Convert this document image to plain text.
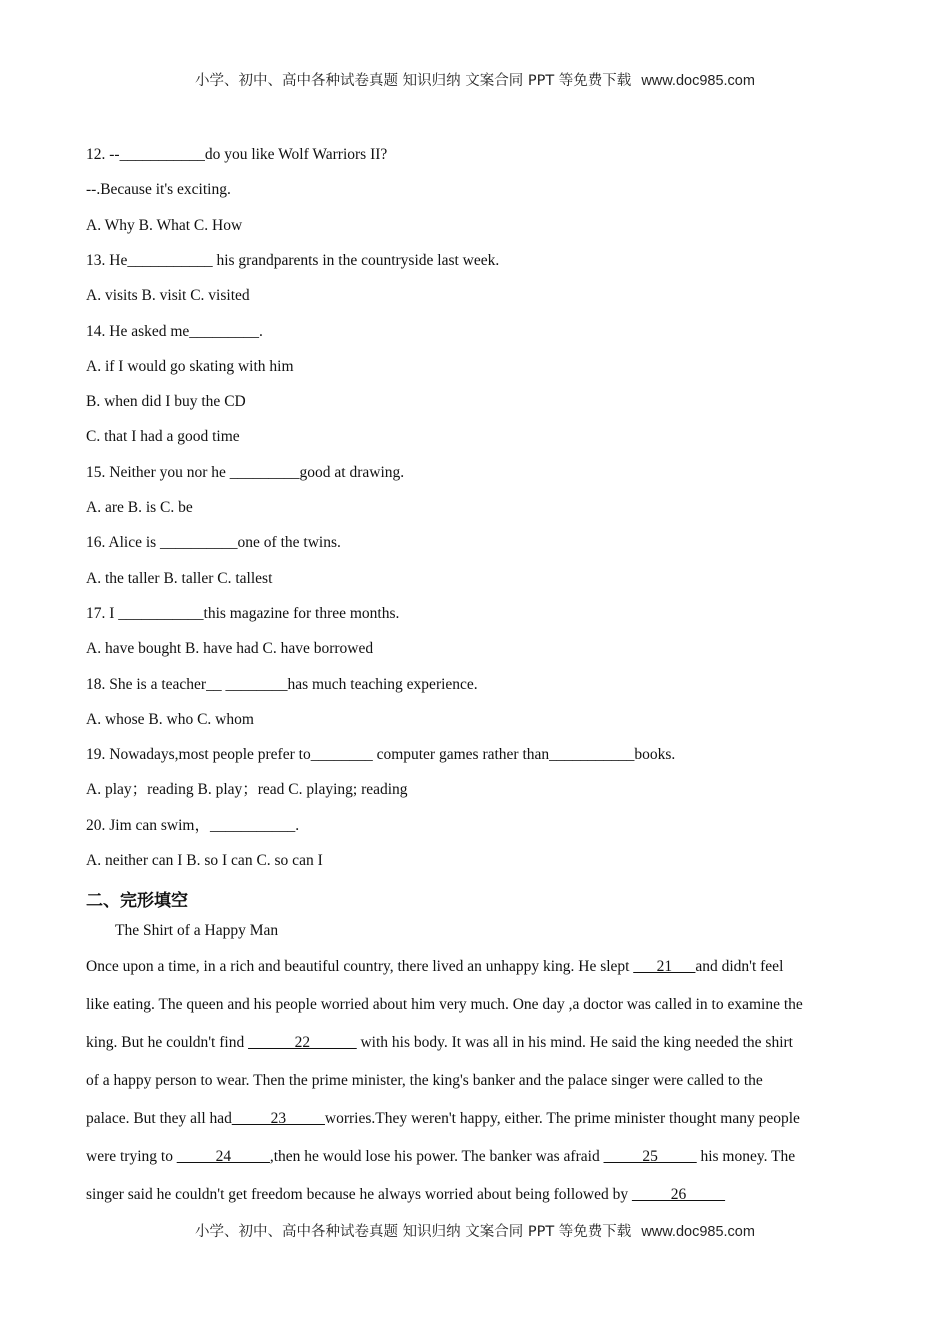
小学、初中、高中各种试卷真题 知识归纳 文案合同 PPT 等免费下载 www.doc985.com
12. --___________do you like Wolf Warriors II?
--.Because it's exciting.
A. Why B. What C. How
13. He___________ his grandparents in the countryside last week.
A. visits B. visit C. visited
14. He asked me_________.
A. if I would go skating with him
B. when did I buy the CD
C. that I had a good time
15. Neither you nor he _________good at drawing.
A. are B. is C. be
16. Alice is __________one of the twins.
A. the taller B. taller C. tallest
17. I ___________this magazine for three months.
A. have bought B. have had C. have borrowed
18. She is a teacher__ ________has much teaching experience.
A. whose B. who C. whom
19. Nowadays,most people prefer to________ computer games rather than___________books.
A. play；reading B. play；read C. playing; reading
20. Jim can swim，___________.
A. neither can I B. so I can C. so can I
二、完形填空
The Shirt of a Happy Man
Once upon a time, in a rich and beautiful country, there lived an unhappy king. He slept ___21___and didn't feel
like eating. The queen and his people worried about him very much. One day ,a doctor was called in to examine the
king. But he couldn't find ______22______ with his body. It was all in his mind. He said the king needed the shirt
of a happy person to wear. Then the prime minister, the king's banker and the palace singer were called to the
palace. But they all had_____23_____worries.They weren't happy, either. The prime minister thought many people
were trying to _____24_____,then he would lose his power. The banker was afraid _____25_____ his money. The
singer said he couldn't get freedom because he always worried about being followed by _____26_____
小学、初中、高中各种试卷真题 知识归纳 文案合同 PPT 等免费下载 www.doc985.com
